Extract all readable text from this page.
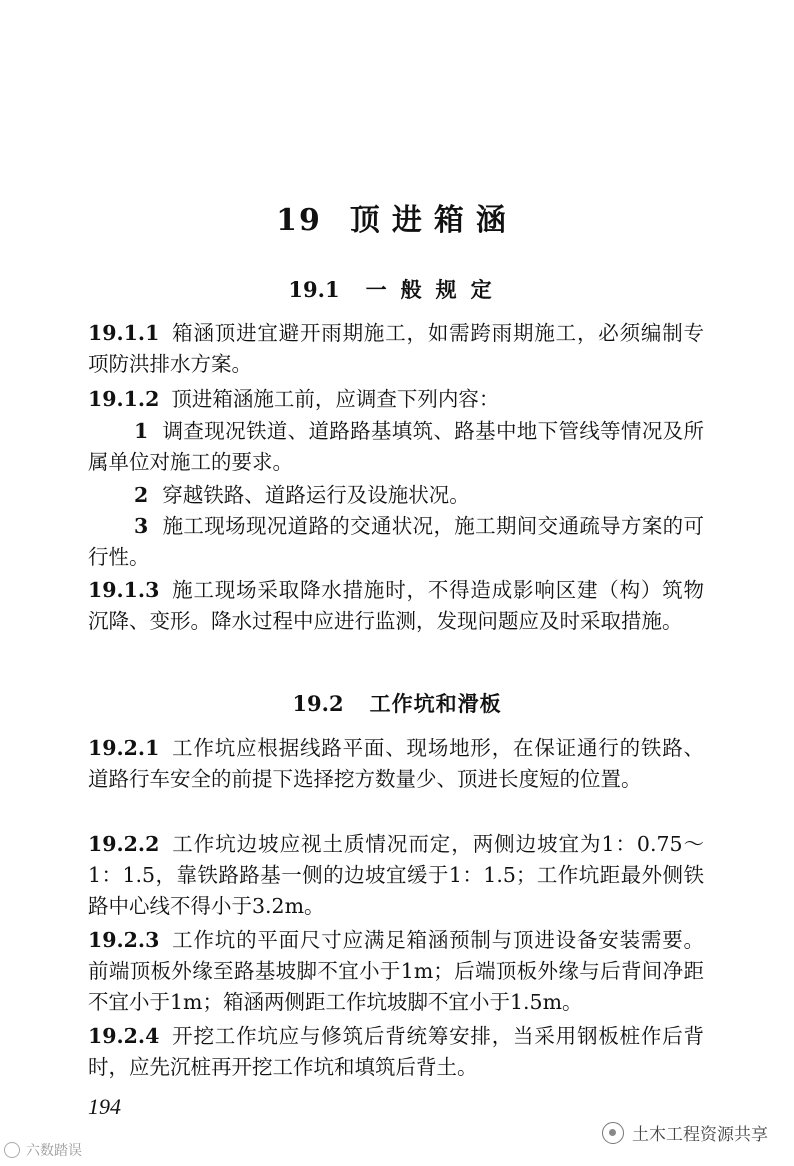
19 顶进箱涵
19.1 一般规定
19.1.1 箱涵顶进宜避开雨期施工，如需跨雨期施工，必须编制专项防洪排水方案。
19.1.2 顶进箱涵施工前，应调查下列内容：
1 调查现况铁道、道路路基填筑、路基中地下管线等情况及所属单位对施工的要求。
2 穿越铁路、道路运行及设施状况。
3 施工现场现况道路的交通状况，施工期间交通疏导方案的可行性。
19.1.3 施工现场采取降水措施时，不得造成影响区建（构）筑物沉降、变形。降水过程中应进行监测，发现问题应及时采取措施。
19.2 工作坑和滑板
19.2.1 工作坑应根据线路平面、现场地形，在保证通行的铁路、道路行车安全的前提下选择挖方数量少、顶进长度短的位置。
19.2.2 工作坑边坡应视土质情况而定，两侧边坡宜为1：0.75～1：1.5，靠铁路路基一侧的边坡宜缓于1：1.5；工作坑距最外侧铁路中心线不得小于3.2m。
19.2.3 工作坑的平面尺寸应满足箱涵预制与顶进设备安装需要。前端顶板外缘至路基坡脚不宜小于1m；后端顶板外缘与后背间净距不宜小于1m；箱涵两侧距工作坑坡脚不宜小于1.5m。
19.2.4 开挖工作坑应与修筑后背统筹安排，当采用钢板桩作后背时，应先沉桩再开挖工作坑和填筑后背土。
194
土木工程资源共享
六数踏误
